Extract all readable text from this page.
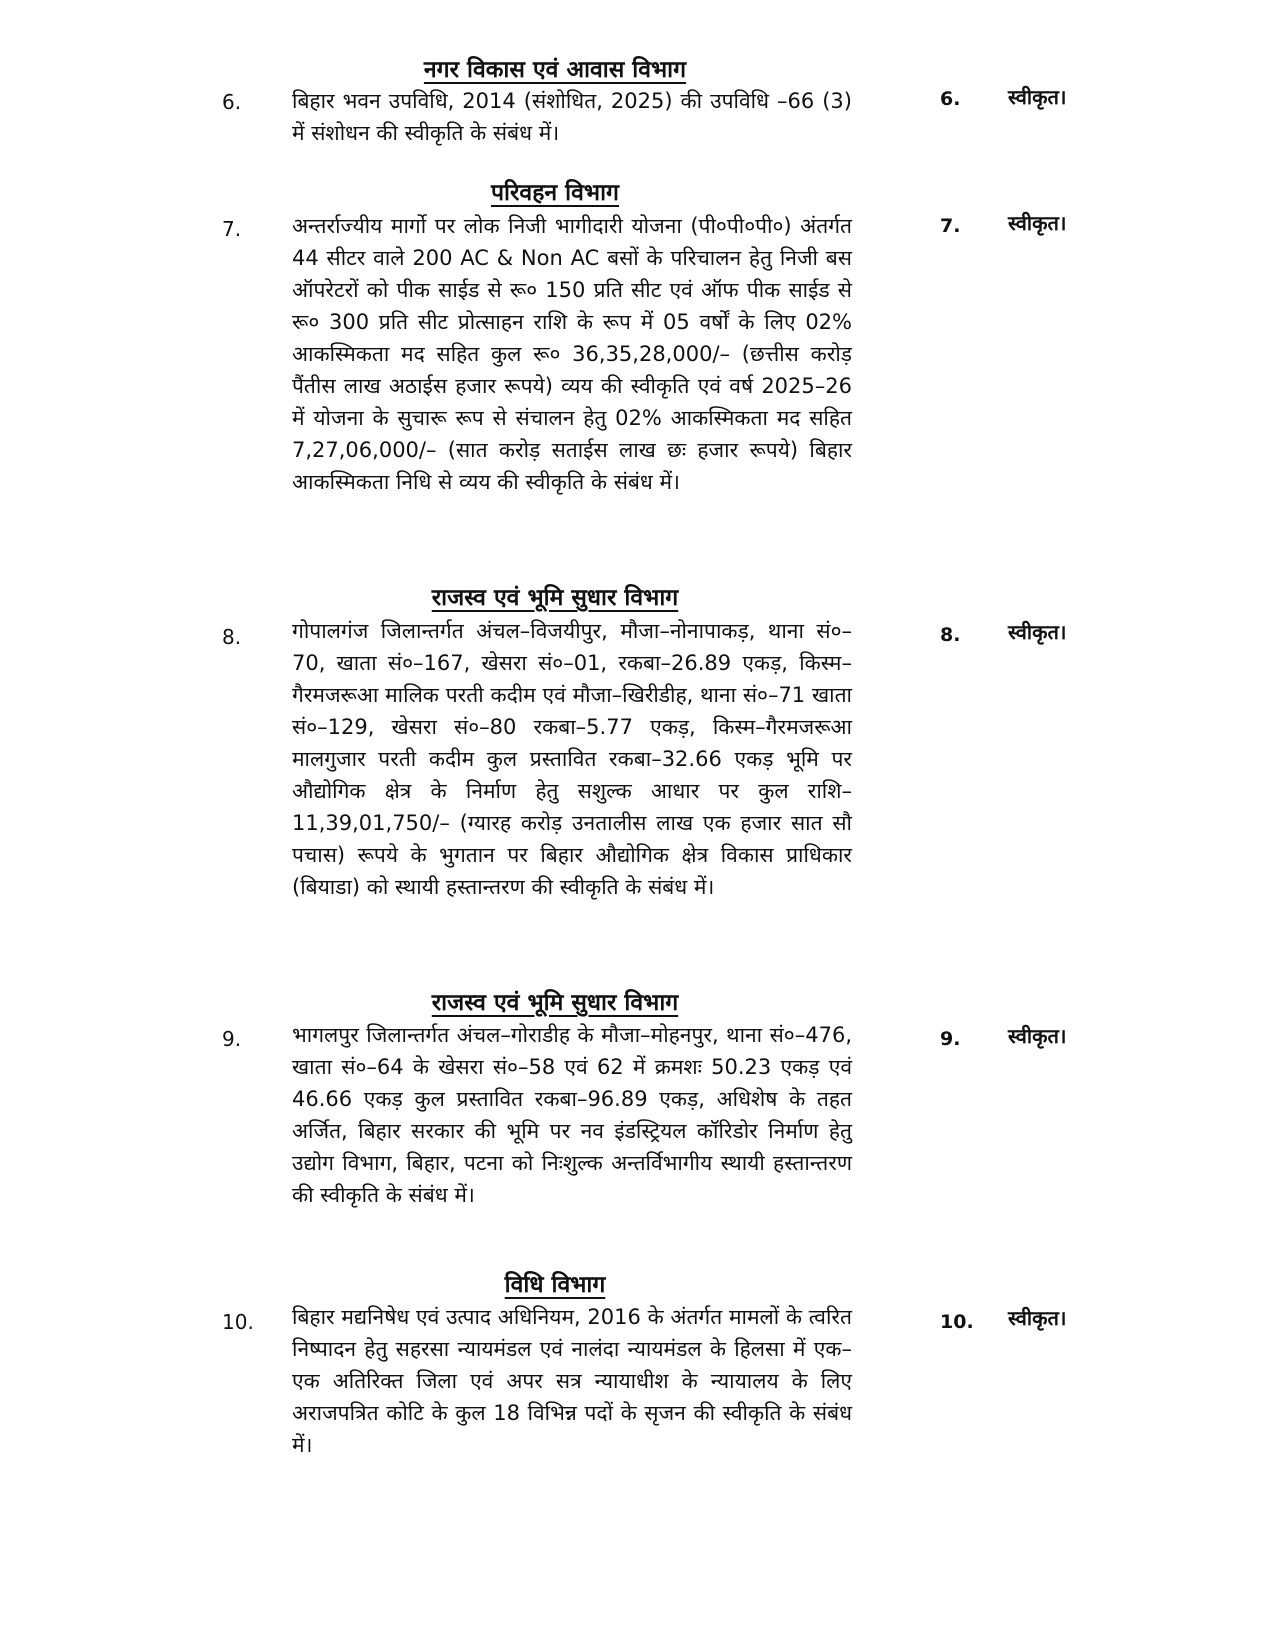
नगर विकास एवं आवास विभाग
6. बिहार भवन उपविधि, 2014 (संशोधित, 2025) की उपविधि –66 (3) में संशोधन की स्वीकृति के संबंध में।
6. स्वीकृत।
परिवहन विभाग
7. अन्तर्राज्यीय मार्गो पर लोक निजी भागीदारी योजना (पी०पी०पी०) अंतर्गत 44 सीटर वाले 200 AC & Non AC बसों के परिचालन हेतु निजी बस ऑपरेटरों को पीक साईड से रू० 150 प्रति सीट एवं ऑफ पीक साईड से रू० 300 प्रति सीट प्रोत्साहन राशि के रूप में 05 वर्षों के लिए 02% आकस्मिकता मद सहित कुल रू० 36,35,28,000/– (छत्तीस करोड़ पैंतीस लाख अठाईस हजार रूपये) व्यय की स्वीकृति एवं वर्ष 2025–26 में योजना के सुचारू रूप से संचालन हेतु 02% आकस्मिकता मद सहित 7,27,06,000/– (सात करोड़ सताईस लाख छः हजार रूपये) बिहार आकस्मिकता निधि से व्यय की स्वीकृति के संबंध में।
7. स्वीकृत।
राजस्व एवं भूमि सुधार विभाग
8. गोपालगंज जिलान्तर्गत अंचल–विजयीपुर, मौजा–नोनापाकड़, थाना सं०–70, खाता सं०–167, खेसरा सं०–01, रकबा–26.89 एकड़, किस्म–गैरमजरूआ मालिक परती कदीम एवं मौजा–खिरीडीह, थाना सं०–71 खाता सं०–129, खेसरा सं०–80 रकबा–5.77 एकड़, किस्म–गैरमजरूआ मालगुजार परती कदीम कुल प्रस्तावित रकबा–32.66 एकड़ भूमि पर औद्योगिक क्षेत्र के निर्माण हेतु सशुल्क आधार पर कुल राशि–11,39,01,750/– (ग्यारह करोड़ उनतालीस लाख एक हजार सात सौ पचास) रूपये के भुगतान पर बिहार औद्योगिक क्षेत्र विकास प्राधिकार (बियाडा) को स्थायी हस्तान्तरण की स्वीकृति के संबंध में।
8. स्वीकृत।
राजस्व एवं भूमि सुधार विभाग
9. भागलपुर जिलान्तर्गत अंचल–गोराडीह के मौजा–मोहनपुर, थाना सं०–476, खाता सं०–64 के खेसरा सं०–58 एवं 62 में क्रमशः 50.23 एकड़ एवं 46.66 एकड़ कुल प्रस्तावित रकबा–96.89 एकड़, अधिशेष के तहत अर्जित, बिहार सरकार की भूमि पर नव इंडस्ट्रियल कॉरिडोर निर्माण हेतु उद्योग विभाग, बिहार, पटना को निःशुल्क अन्तर्विभागीय स्थायी हस्तान्तरण की स्वीकृति के संबंध में।
9. स्वीकृत।
विधि विभाग
10. बिहार मद्यनिषेध एवं उत्पाद अधिनियम, 2016 के अंतर्गत मामलों के त्वरित निष्पादन हेतु सहरसा न्यायमंडल एवं नालंदा न्यायमंडल के हिलसा में एक–एक अतिरिक्त जिला एवं अपर सत्र न्यायाधीश के न्यायालय के लिए अराजपत्रित कोटि के कुल 18 विभिन्न पदों के सृजन की स्वीकृति के संबंध में।
10. स्वीकृत।
